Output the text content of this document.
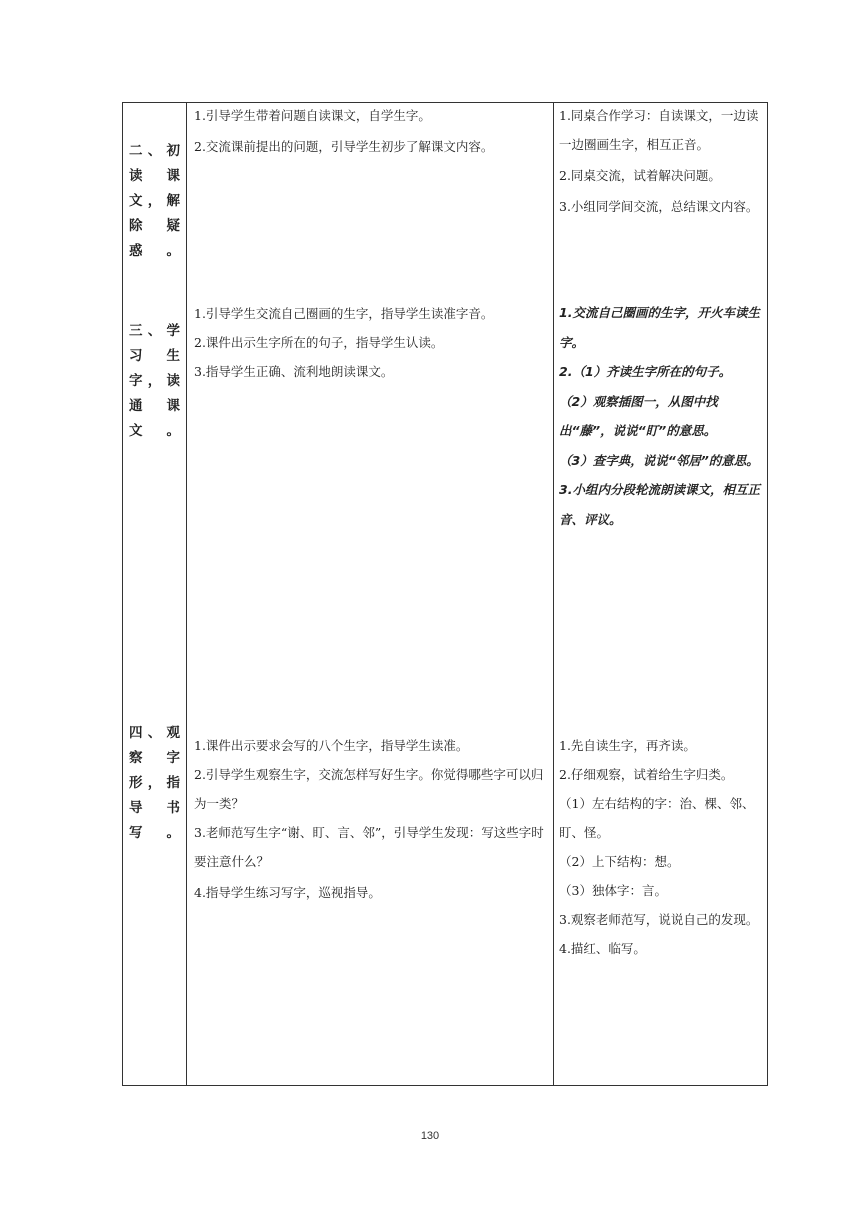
二、初读课文，解除疑惑。

1.引导学生带着问题自读课文，自学生字。

2.交流课前提出的问题，引导学生初步了解课文内容。

1.同桌合作学习：自读课文，一边读一边圈画生字，相互正音。

2.同桌交流，试着解决问题。

3.小组同学间交流，总结课文内容。

三、学习生字，读通课文。

1.引导学生交流自己圈画的生字，指导学生读准字音。

2.课件出示生字所在的句子，指导学生认读。

3.指导学生正确、流利地朗读课文。

1.交流自己圈画的生字，开火车读生字。

2.（1）齐读生字所在的句子。

（2）观察插图一，从图中找出“藤”，说说“盯”的意思。

（3）查字典，说说“邻居”的意思。

3.小组内分段轮流朗读课文，相互正音、评议。

四、观察字形，指导书写。

1.课件出示要求会写的八个生字，指导学生读准。

2.引导学生观察生字，交流怎样写好生字。你觉得哪些字可以归为一类？

3.老师范写生字“谢、盯、言、邻”，引导学生发现：写这些字时要注意什么？

4.指导学生练习写字，巡视指导。

1.先自读生字，再齐读。

2.仔细观察，试着给生字归类。

（1）左右结构的字：治、棵、邻、盯、怪。

（2）上下结构：想。

（3）独体字：言。

3.观察老师范写，说说自己的发现。

4.描红、临写。

130
